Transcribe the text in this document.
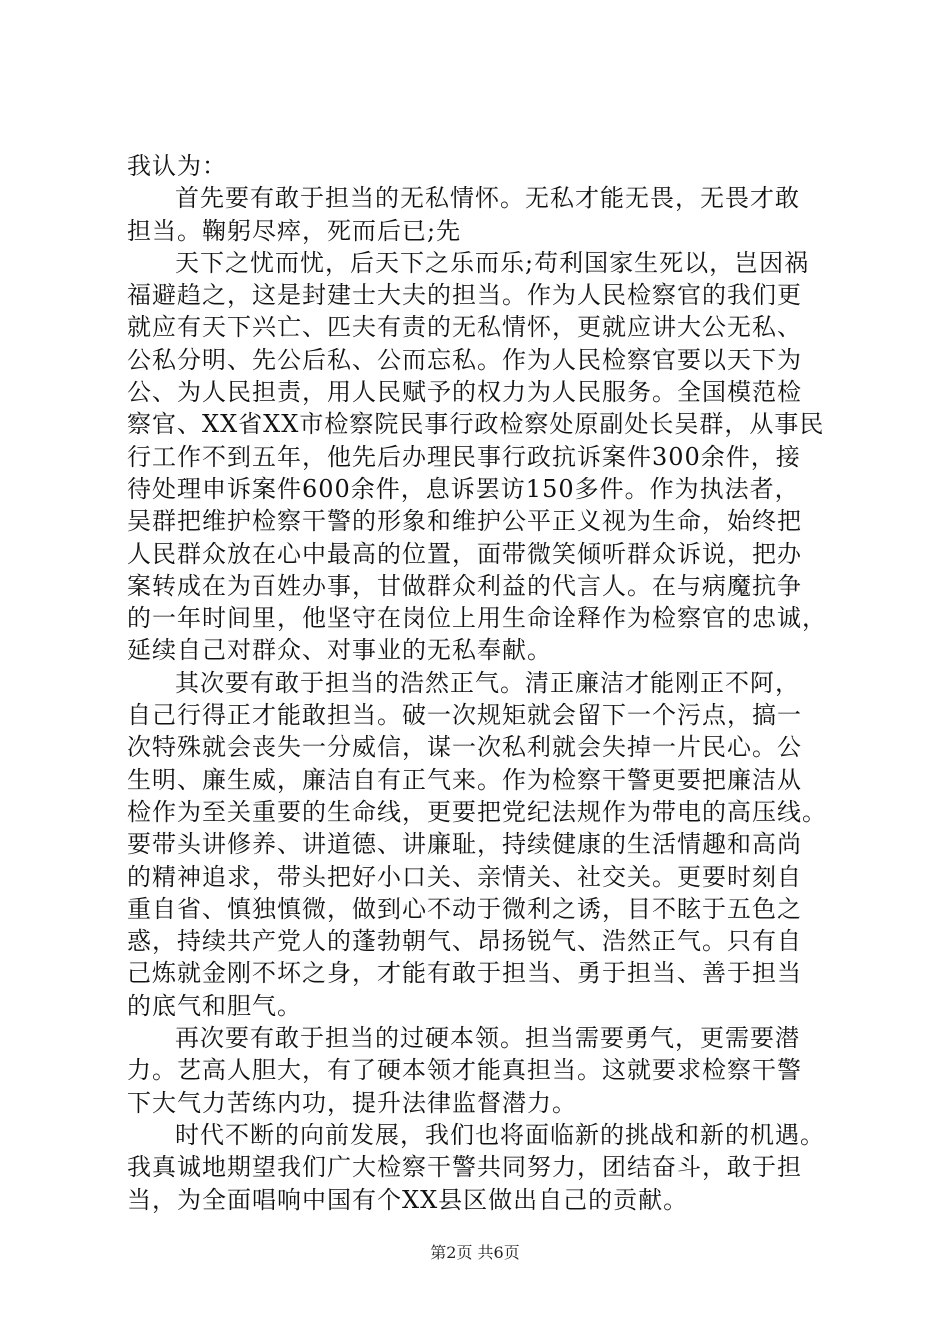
我认为：

首先要有敢于担当的无私情怀。无私才能无畏，无畏才敢
担当。鞠躬尽瘁，死而后已;先

天下之忧而忧，后天下之乐而乐;苟利国家生死以，岂因祸
福避趋之，这是封建士大夫的担当。作为人民检察官的我们更
就应有天下兴亡、匹夫有责的无私情怀，更就应讲大公无私、
公私分明、先公后私、公而忘私。作为人民检察官要以天下为
公、为人民担责，用人民赋予的权力为人民服务。全国模范检
察官、XX省XX市检察院民事行政检察处原副处长吴群，从事民
行工作不到五年，他先后办理民事行政抗诉案件300余件，接
待处理申诉案件600余件，息诉罢访150多件。作为执法者，
吴群把维护检察干警的形象和维护公平正义视为生命，始终把
人民群众放在心中最高的位置，面带微笑倾听群众诉说，把办
案转成在为百姓办事，甘做群众利益的代言人。在与病魔抗争
的一年时间里，他坚守在岗位上用生命诠释作为检察官的忠诚，
延续自己对群众、对事业的无私奉献。

其次要有敢于担当的浩然正气。清正廉洁才能刚正不阿，
自己行得正才能敢担当。破一次规矩就会留下一个污点，搞一
次特殊就会丧失一分威信，谋一次私利就会失掉一片民心。公
生明、廉生威，廉洁自有正气来。作为检察干警更要把廉洁从
检作为至关重要的生命线，更要把党纪法规作为带电的高压线。
要带头讲修养、讲道德、讲廉耻，持续健康的生活情趣和高尚
的精神追求，带头把好小口关、亲情关、社交关。更要时刻自
重自省、慎独慎微，做到心不动于微利之诱，目不眩于五色之
惑，持续共产党人的蓬勃朝气、昂扬锐气、浩然正气。只有自
己炼就金刚不坏之身，才能有敢于担当、勇于担当、善于担当
的底气和胆气。

再次要有敢于担当的过硬本领。担当需要勇气，更需要潜
力。艺高人胆大，有了硬本领才能真担当。这就要求检察干警
下大气力苦练内功，提升法律监督潜力。

时代不断的向前发展，我们也将面临新的挑战和新的机遇。
我真诚地期望我们广大检察干警共同努力，团结奋斗，敢于担
当，为全面唱响中国有个XX县区做出自己的贡献。

第2页 共6页
